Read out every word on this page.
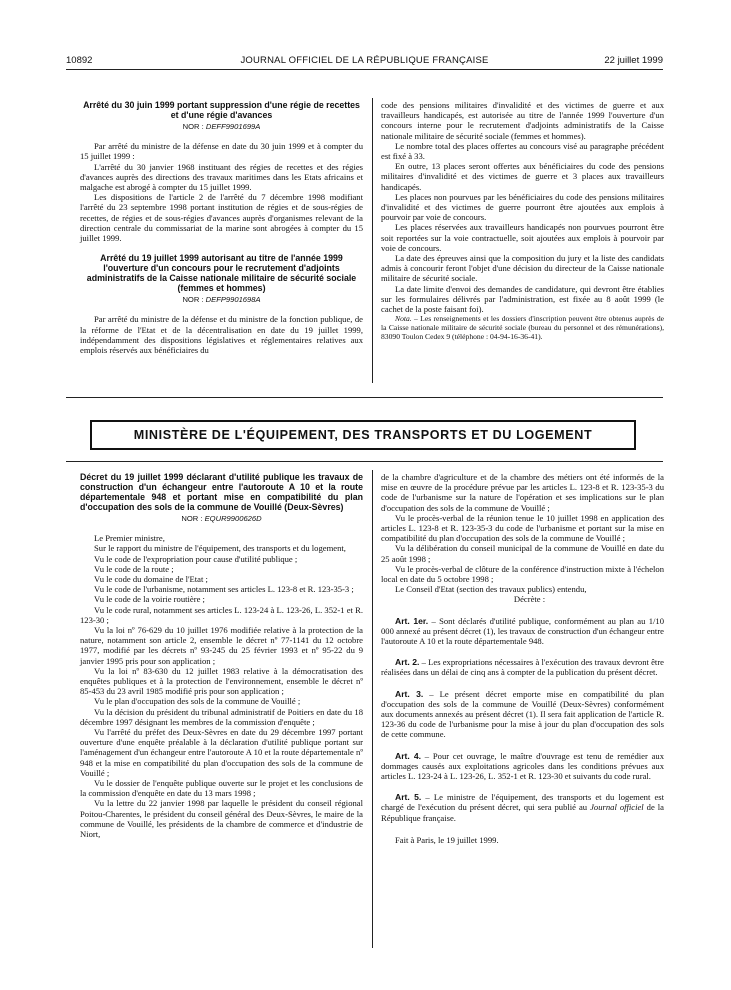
10892	JOURNAL OFFICIEL DE LA RÉPUBLIQUE FRANÇAISE	22 juillet 1999
Arrêté du 30 juin 1999 portant suppression d'une régie de recettes et d'une régie d'avances
NOR : DEFF9901699A

Par arrêté du ministre de la défense en date du 30 juin 1999 et à compter du 15 juillet 1999 :

L'arrêté du 30 janvier 1968 instituant des régies de recettes et des régies d'avances auprès des directions des travaux maritimes dans les Etats africains et malgache est abrogé à compter du 15 juillet 1999.

Les dispositions de l'article 2 de l'arrêté du 7 décembre 1998 modifiant l'arrêté du 23 septembre 1998 portant institution de régies et de sous-régies de recettes, de régies et de sous-régies d'avances auprès d'organismes relevant de la direction centrale du commissariat de la marine sont abrogées à compter du 15 juillet 1999.

Arrêté du 19 juillet 1999 autorisant au titre de l'année 1999 l'ouverture d'un concours pour le recrutement d'adjoints administratifs de la Caisse nationale militaire de sécurité sociale (femmes et hommes)
NOR : DEFP9901698A

Par arrêté du ministre de la défense et du ministre de la fonction publique, de la réforme de l'Etat et de la décentralisation en date du 19 juillet 1999, indépendamment des dispositions législatives et réglementaires relatives aux emplois réservés aux bénéficiaires du

code des pensions militaires d'invalidité et des victimes de guerre et aux travailleurs handicapés, est autorisée au titre de l'année 1999 l'ouverture d'un concours interne pour le recrutement d'adjoints administratifs de la Caisse nationale militaire de sécurité sociale (femmes et hommes).

Le nombre total des places offertes au concours visé au paragraphe précédent est fixé à 33.

En outre, 13 places seront offertes aux bénéficiaires du code des pensions militaires d'invalidité et des victimes de guerre et 3 places aux travailleurs handicapés.

Les places non pourvues par les bénéficiaires du code des pensions militaires d'invalidité et des victimes de guerre pourront être ajoutées aux emplois à pourvoir par voie de concours.

Les places réservées aux travailleurs handicapés non pourvues pourront être soit reportées sur la voie contractuelle, soit ajoutées aux emplois à pourvoir par voie de concours.

La date des épreuves ainsi que la composition du jury et la liste des candidats admis à concourir feront l'objet d'une décision du directeur de la Caisse nationale militaire de sécurité sociale.

La date limite d'envoi des demandes de candidature, qui devront être établies sur les formulaires délivrés par l'administration, est fixée au 8 août 1999 (le cachet de la poste faisant foi).

Nota. – Les renseignements et les dossiers d'inscription peuvent être obtenus auprès de la Caisse nationale militaire de sécurité sociale (bureau du personnel et des rémunérations), 83090 Toulon Cedex 9 (téléphone : 04-94-16-36-41).

MINISTÈRE DE L'ÉQUIPEMENT, DES TRANSPORTS ET DU LOGEMENT
Décret du 19 juillet 1999 déclarant d'utilité publique les travaux de construction d'un échangeur entre l'autoroute A 10 et la route départementale 948 et portant mise en compatibilité du plan d'occupation des sols de la commune de Vouillé (Deux-Sèvres)
NOR : EQUR9900626D

Le Premier ministre,

Sur le rapport du ministre de l'équipement, des transports et du logement,

Vu le code de l'expropriation pour cause d'utilité publique ;

Vu le code de la route ;

Vu le code du domaine de l'Etat ;

Vu le code de l'urbanisme, notamment ses articles L. 123-8 et R. 123-35-3 ;

Vu le code de la voirie routière ;

Vu le code rural, notamment ses articles L. 123-24 à L. 123-26, L. 352-1 et R. 123-30 ;

Vu la loi nº 76-629 du 10 juillet 1976 modifiée relative à la protection de la nature, notamment son article 2, ensemble le décret nº 77-1141 du 12 octobre 1977, modifié par les décrets nº 93-245 du 25 février 1993 et nº 95-22 du 9 janvier 1995 pris pour son application ;

Vu la loi nº 83-630 du 12 juillet 1983 relative à la démocratisation des enquêtes publiques et à la protection de l'environnement, ensemble le décret nº 85-453 du 23 avril 1985 modifié pris pour son application ;

Vu le plan d'occupation des sols de la commune de Vouillé ;

Vu la décision du président du tribunal administratif de Poitiers en date du 18 décembre 1997 désignant les membres de la commission d'enquête ;

Vu l'arrêté du préfet des Deux-Sèvres en date du 29 décembre 1997 portant ouverture d'une enquête préalable à la déclaration d'utilité publique portant sur l'aménagement d'un échangeur entre l'autoroute A 10 et la route départementale nº 948 et la mise en compatibilité du plan d'occupation des sols de la commune de Vouillé ;

Vu le dossier de l'enquête publique ouverte sur le projet et les conclusions de la commission d'enquête en date du 13 mars 1998 ;

Vu la lettre du 22 janvier 1998 par laquelle le président du conseil régional Poitou-Charentes, le président du conseil général des Deux-Sèvres, le maire de la commune de Vouillé, les présidents de la chambre de commerce et d'industrie de Niort,

de la chambre d'agriculture et de la chambre des métiers ont été informés de la mise en œuvre de la procédure prévue par les articles L. 123-8 et R. 123-35-3 du code de l'urbanisme sur la nature de l'opération et ses implications sur le plan d'occupation des sols de la commune de Vouillé ;

Vu le procès-verbal de la réunion tenue le 10 juillet 1998 en application des articles L. 123-8 et R. 123-35-3 du code de l'urbanisme et portant sur la mise en compatibilité du plan d'occupation des sols de la commune de Vouillé ;

Vu la délibération du conseil municipal de la commune de Vouillé en date du 25 août 1998 ;

Vu le procès-verbal de clôture de la conférence d'instruction mixte à l'échelon local en date du 5 octobre 1998 ;

Le Conseil d'Etat (section des travaux publics) entendu,

Décrète :

Art. 1er. – Sont déclarés d'utilité publique, conformément au plan au 1/10 000 annexé au présent décret (1), les travaux de construction d'un échangeur entre l'autoroute A 10 et la route départementale 948.

Art. 2. – Les expropriations nécessaires à l'exécution des travaux devront être réalisées dans un délai de cinq ans à compter de la publication du présent décret.

Art. 3. – Le présent décret emporte mise en compatibilité du plan d'occupation des sols de la commune de Vouillé (Deux-Sèvres) conformément aux documents annexés au présent décret (1). Il sera fait application de l'article R. 123-36 du code de l'urbanisme pour la mise à jour du plan d'occupation des sols de cette commune.

Art. 4. – Pour cet ouvrage, le maître d'ouvrage est tenu de remédier aux dommages causés aux exploitations agricoles dans les conditions prévues aux articles L. 123-24 à L. 123-26, L. 352-1 et R. 123-30 et suivants du code rural.

Art. 5. – Le ministre de l'équipement, des transports et du logement est chargé de l'exécution du présent décret, qui sera publié au Journal officiel de la République française.

Fait à Paris, le 19 juillet 1999.
